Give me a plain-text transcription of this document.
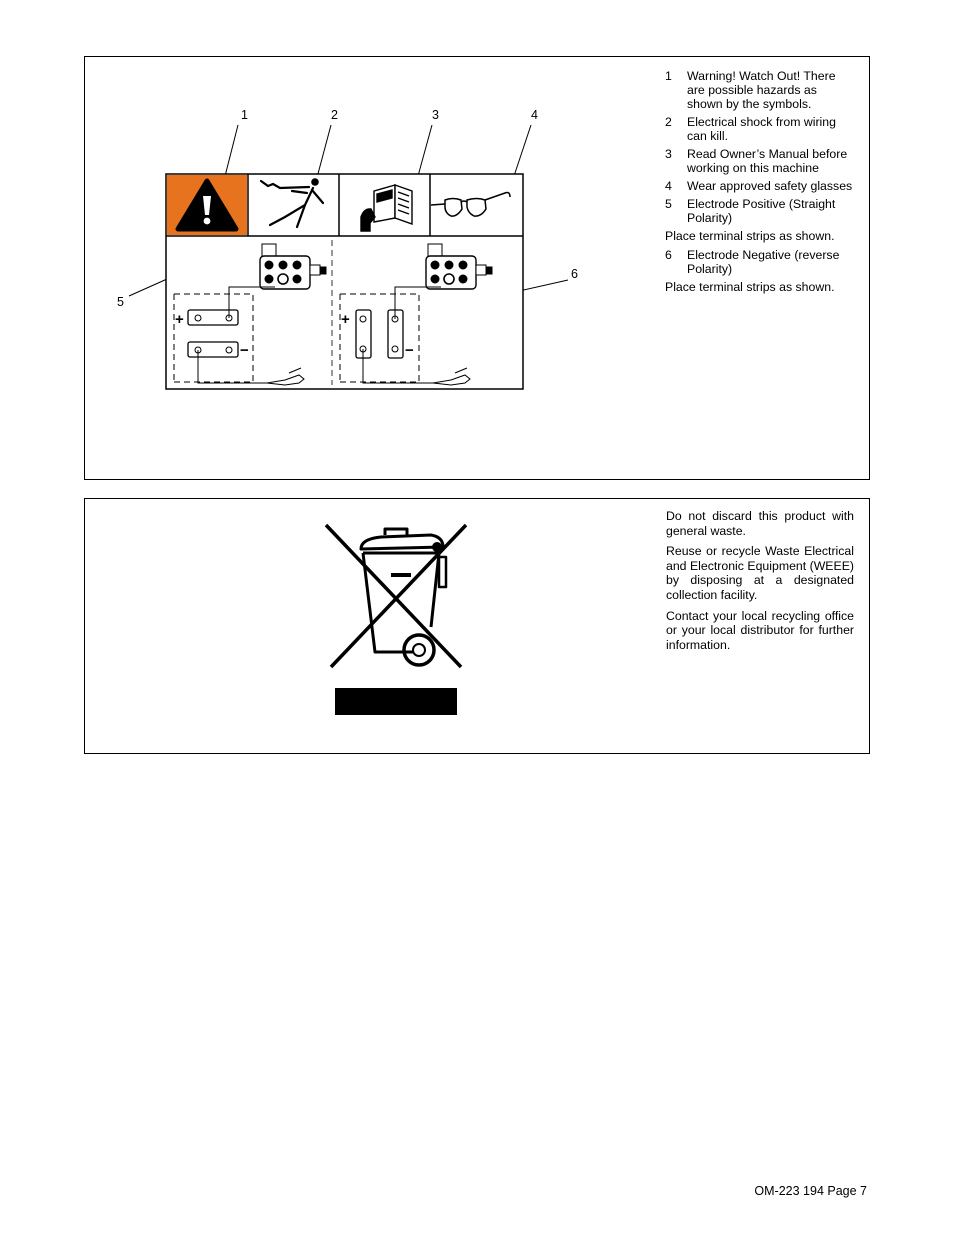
1	2	3	4
5
6
+
−
+
−
1	Warning! Watch Out! There are possible hazards as shown by the symbols.
2	Electrical shock from wiring can kill.
3	Read Owner’s Manual before working on this machine
4	Wear approved safety glasses
5	Electrode Positive (Straight Polarity)
Place terminal strips as shown.
6	Electrode Negative (reverse Polarity)
Place terminal strips as shown.

Do not discard this product with general waste.

Reuse or recycle Waste Electrical and Electronic Equipment (WEEE) by disposing at a designated collection facility.

Contact your local recycling office or your local distributor for further information.

OM-223 194 Page 7
